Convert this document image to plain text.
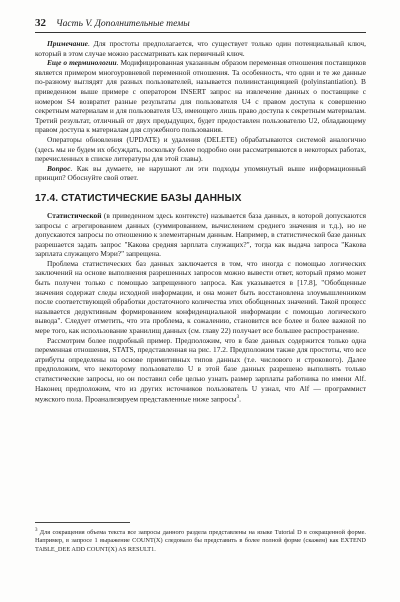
32 Часть V. Дополнительные темы

Примечание. Для простоты предполагается, что существует только один потенциальный ключ, который в этом случае можно рассматривать как первичный ключ.

Еще о терминологии. Модифицированная указанным образом переменная отношения поставщиков является примером многоуровневой переменной отношения. Та особенность, что одни и те же данные по-разному выглядят для разных пользователей, называется полиинстанцияцией (polyinstantiation). В приведенном выше примере с оператором INSERT запрос на извлечение данных о поставщике с номером S4 возвратит разные результаты для пользователя U4 с правом доступа к совершенно секретным материалам и для пользователя U3, имеющего лишь право доступа к секретным материалам. Третий результат, отличный от двух предыдущих, будет предоставлен пользователю U2, обладающему правом доступа к материалам для служебного пользования.

Операторы обновления (UPDATE) и удаления (DELETE) обрабатываются системой аналогично (здесь мы не будем их обсуждать, поскольку более подробно они рассматриваются в некоторых работах, перечисленных в списке литературы для этой главы).

Вопрос. Как вы думаете, не нарушают ли эти подходы упомянутый выше информационный принцип? Обоснуйте свой ответ.

17.4. СТАТИСТИЧЕСКИЕ БАЗЫ ДАННЫХ

Статистической (в приведенном здесь контексте) называется база данных, в которой допускаются запросы с агрегированием данных (суммированием, вычислением среднего значения и т.д.), но не допускаются запросы по отношению к элементарным данным. Например, в статистической базе данных разрешается задать запрос "Какова средняя зарплата служащих?", тогда как выдача запроса "Какова зарплата служащего Мэри?" запрещена.

Проблема статистических баз данных заключается в том, что иногда с помощью логических заключений на основе выполнения разрешенных запросов можно вывести ответ, который прямо может быть получен только с помощью запрещенного запроса. Как указывается в [17.8], "Обобщенные значения содержат следы исходной информации, и она может быть восстановлена злоумышленником после соответствующей обработки достаточного количества этих обобщенных значений. Такой процесс называется дедуктивным формированием конфиденциальной информации с помощью логического вывода". Следует отметить, что эта проблема, к сожалению, становится все более и более важной по мере того, как использование хранилищ данных (см. главу 22) получает все большее распространение.

Рассмотрим более подробный пример. Предположим, что в базе данных содержится только одна переменная отношения, STATS, представленная на рис. 17.2. Предположим также для простоты, что все атрибуты определены на основе примитивных типов данных (т.е. числового и строкового). Далее предположим, что некоторому пользователю U в этой базе данных разрешено выполнять только статистические запросы, но он поставил себе целью узнать размер зарплаты работника по имени Alf. Наконец предположим, что из других источников пользователь U узнал, что Alf — программист мужского пола. Проанализируем представленные ниже запросы$^3$.

$^3$ Для сокращения объема текста все запросы данного раздела представлены на языке Tutorial D в сокращенной форме. Например, в запросе 1 выражение COUNT(X) следовало бы представить в более полной форме (скажем) как EXTEND TABLE_DEE ADD COUNT(X) AS RESULT1.
